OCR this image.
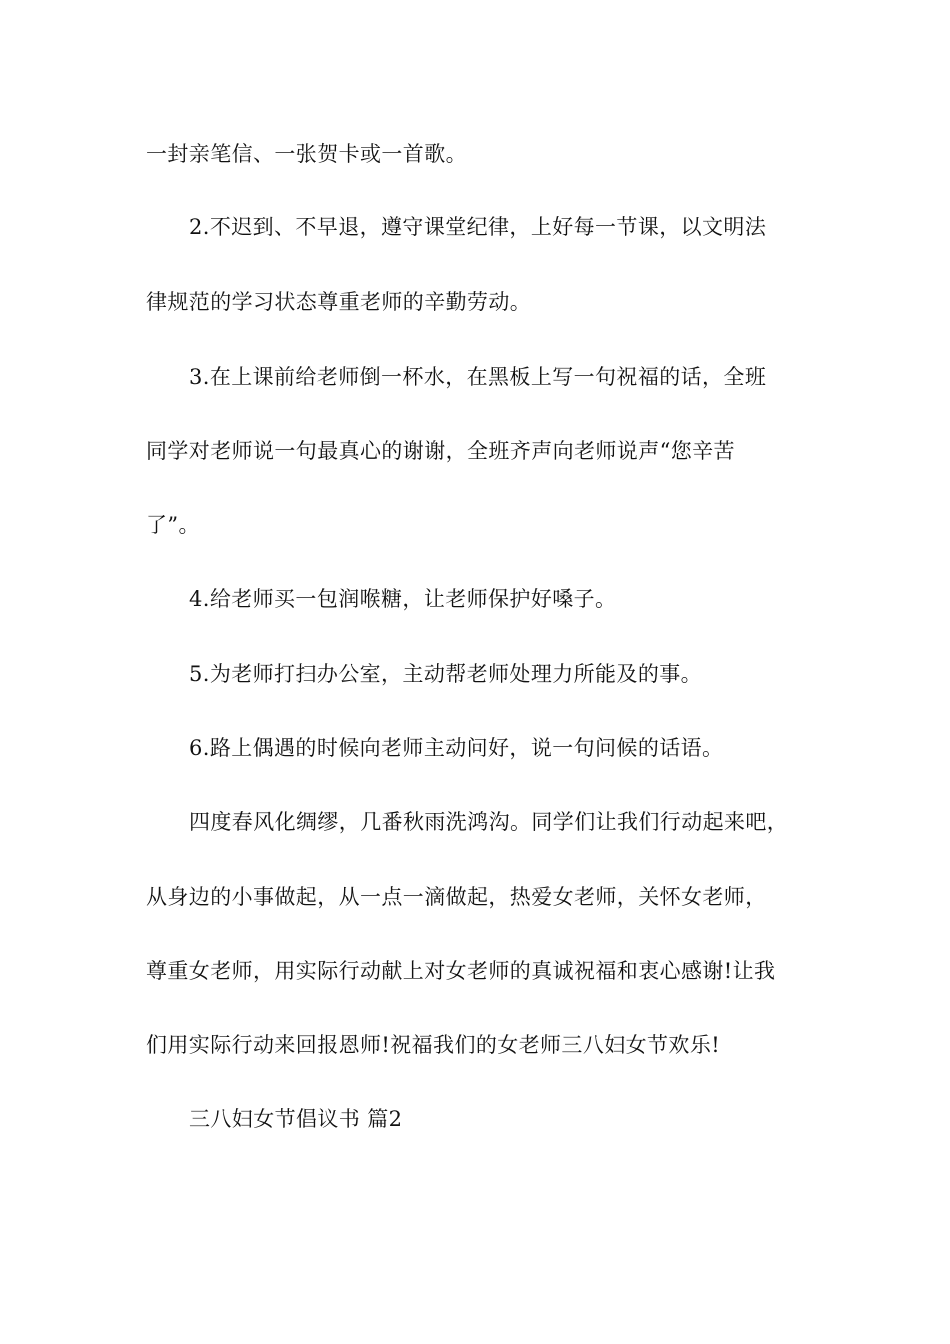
一封亲笔信、一张贺卡或一首歌。
2.不迟到、不早退，遵守课堂纪律，上好每一节课，以文明法
律规范的学习状态尊重老师的辛勤劳动。
3.在上课前给老师倒一杯水，在黑板上写一句祝福的话，全班
同学对老师说一句最真心的谢谢，全班齐声向老师说声“您辛苦
了”。
4.给老师买一包润喉糖，让老师保护好嗓子。
5.为老师打扫办公室，主动帮老师处理力所能及的事。
6.路上偶遇的时候向老师主动问好，说一句问候的话语。
四度春风化绸缪，几番秋雨洗鸿沟。同学们让我们行动起来吧，
从身边的小事做起，从一点一滴做起，热爱女老师，关怀女老师，
尊重女老师，用实际行动献上对女老师的真诚祝福和衷心感谢!让我
们用实际行动来回报恩师!祝福我们的女老师三八妇女节欢乐!
三八妇女节倡议书 篇2
